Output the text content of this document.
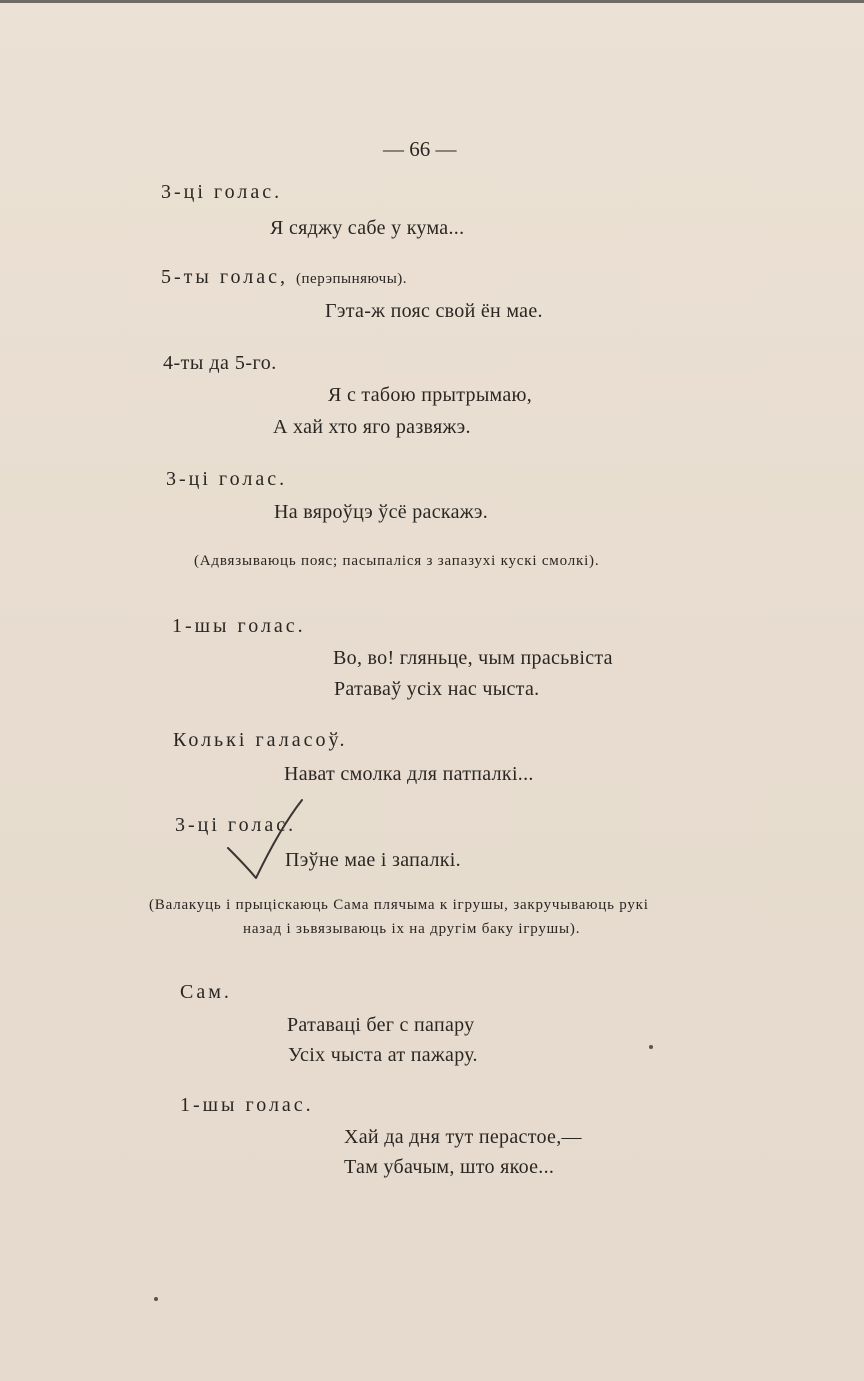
— 66 —
3-ці голас.
Я сяджу сабе у кума...
5-ты голас, (перэпыняючы).
Гэта-ж пояс свой ён мае.
4-ты да 5-го.
Я с табою прытрымаю,
А хай хто яго развяжэ.
3-ці голас.
На вяроўцэ ўсё раскажэ.
(Адвязываюць пояс; пасыпаліся з запазухі кускі смолкі).
1-шы голас.
Во, во! гляньце, чым прасьвіста
Ратаваў усіх нас чыста.
Колькі галасоў.
Нават смолка для патпалкі...
3-ці голас.
Пэўне мае і запалкі.
(Валакуць і прыціскаюць Сама плячыма к ігрушы, закручываюць рукі
назад і зьвязываюць іх на другім баку ігрушы).
Сам.
Ратаваці бег с папару
Усіх чыста ат пажару.
1-шы голас.
Хай да дня тут перастое,—
Там убачым, што якое...
